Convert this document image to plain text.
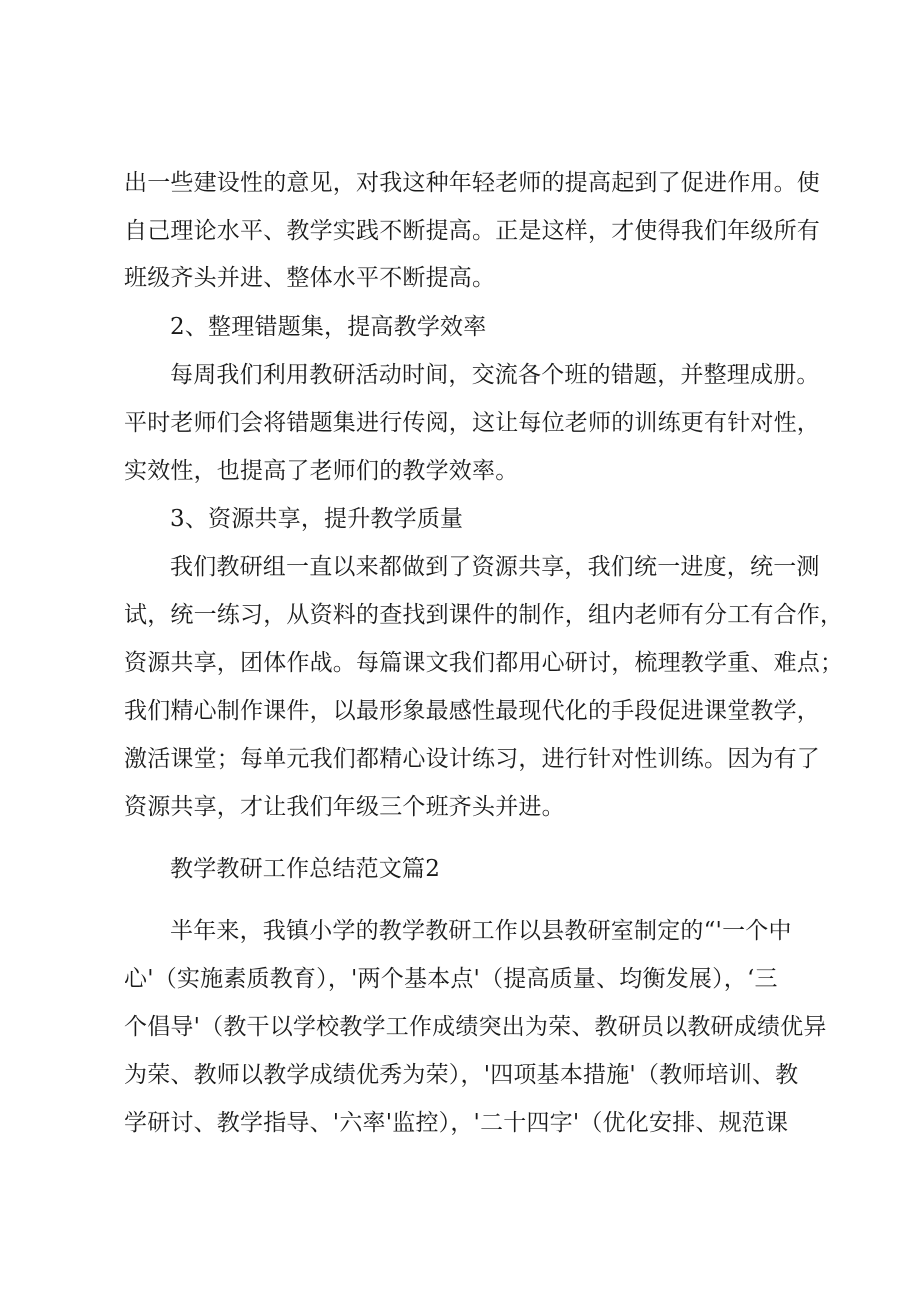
出一些建设性的意见，对我这种年轻老师的提高起到了促进作用。使
自己理论水平、教学实践不断提高。正是这样，才使得我们年级所有
班级齐头并进、整体水平不断提高。
2、整理错题集，提高教学效率
每周我们利用教研活动时间，交流各个班的错题，并整理成册。
平时老师们会将错题集进行传阅，这让每位老师的训练更有针对性，
实效性，也提高了老师们的教学效率。
3、资源共享，提升教学质量
我们教研组一直以来都做到了资源共享，我们统一进度，统一测
试，统一练习，从资料的查找到课件的制作，组内老师有分工有合作，
资源共享，团体作战。每篇课文我们都用心研讨，梳理教学重、难点；
我们精心制作课件，以最形象最感性最现代化的手段促进课堂教学，
激活课堂；每单元我们都精心设计练习，进行针对性训练。因为有了
资源共享，才让我们年级三个班齐头并进。
教学教研工作总结范文篇2
半年来，我镇小学的教学教研工作以县教研室制定的“'一个中
心'（实施素质教育），'两个基本点'（提高质量、均衡发展），‘三
个倡导'（教干以学校教学工作成绩突出为荣、教研员以教研成绩优异
为荣、教师以教学成绩优秀为荣），'四项基本措施'（教师培训、教
学研讨、教学指导、'六率'监控），'二十四字'（优化安排、规范课
